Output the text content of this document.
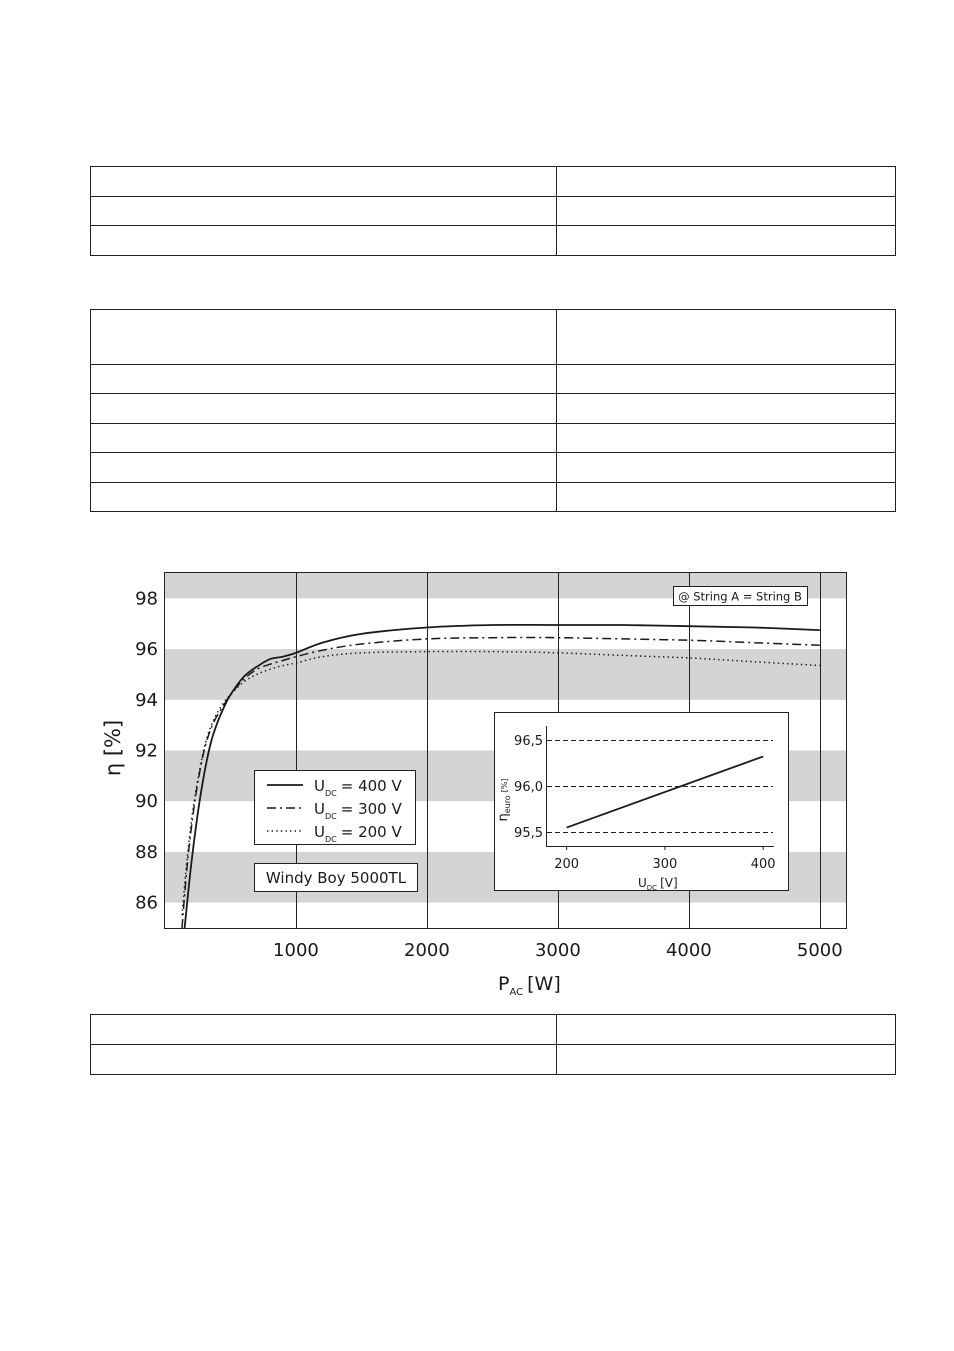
86
88
90
92
94
96
98
1000	2000	3000	4000	5000
η [%]
$P_{AC}$ [W]
@ String A = String B
$U_{DC} = 400$ V
$U_{DC} = 300$ V
$U_{DC} = 200$ V
Windy Boy 5000TL
95,5
96,0
96,5
200	300	400
$\eta_{euro}[\%]$
$U_{DC}$ [V]
